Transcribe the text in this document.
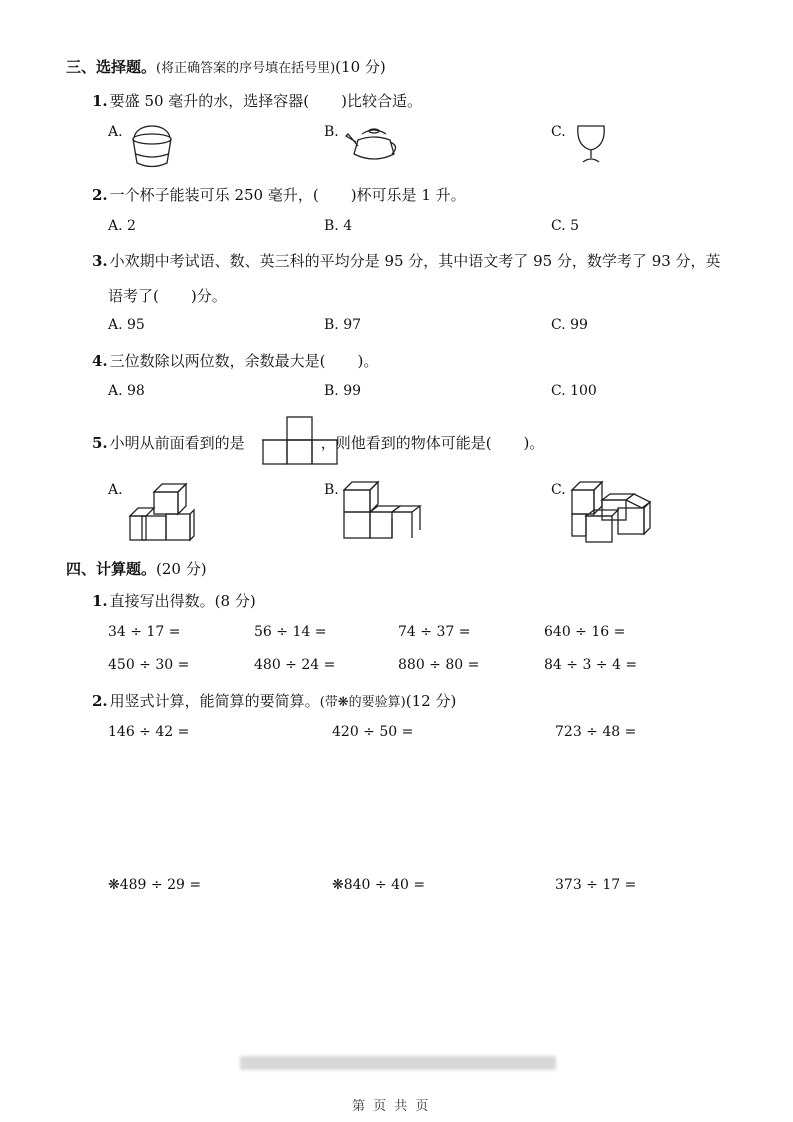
三、选择题。(将正确答案的序号填在括号里)(10 分)
1. 要盛 50 毫升的水，选择容器( )比较合适。
A.	B.	C.
2. 一个杯子能装可乐 250 毫升，( )杯可乐是 1 升。
A. 2	B. 4	C. 5
3. 小欢期中考试语、数、英三科的平均分是 95 分，其中语文考了 95 分，数学考了 93 分，英
语考了( )分。
A. 95	B. 97	C. 99
4. 三位数除以两位数，余数最大是( )。
A. 98	B. 99	C. 100
5. 小明从前面看到的是	，则他看到的物体可能是( )。
A.	B.	C.
四、计算题。(20 分)
1. 直接写出得数。(8 分)
34 ÷ 17 =	56 ÷ 14 =	74 ÷ 37 =	640 ÷ 16 =
450 ÷ 30 =	480 ÷ 24 =	880 ÷ 80 =	84 ÷ 3 ÷ 4 =
2. 用竖式计算，能简算的要简算。(带❋的要验算)(12 分)
146 ÷ 42 =	420 ÷ 50 =	723 ÷ 48 =
❋489 ÷ 29 =	❋840 ÷ 40 =	373 ÷ 17 =
第 页 共 页
